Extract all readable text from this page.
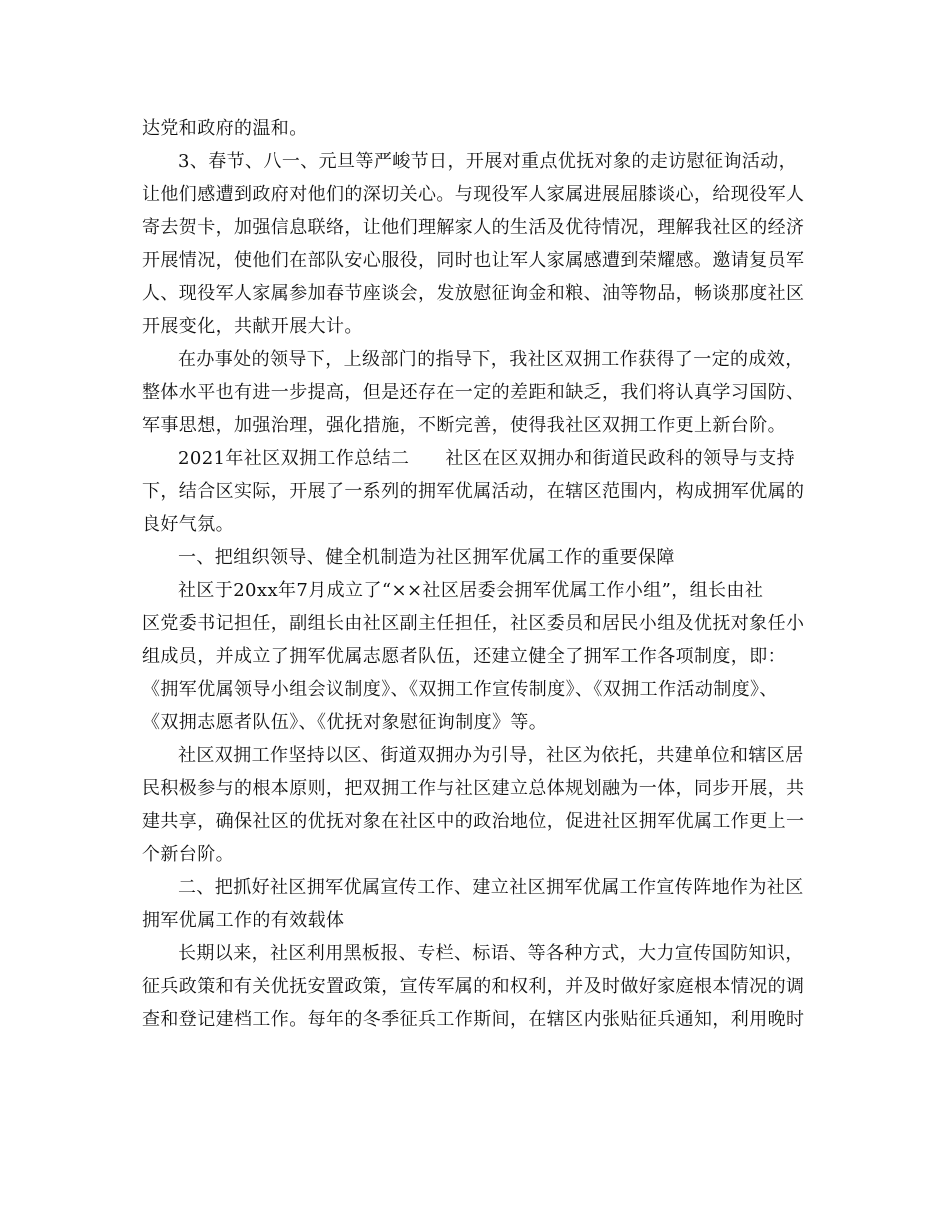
达党和政府的温和。
3、春节、八一、元旦等严峻节日，开展对重点优抚对象的走访慰征询活动，
让他们感遭到政府对他们的深切关心。与现役军人家属进展屈膝谈心，给现役军人
寄去贺卡，加强信息联络，让他们理解家人的生活及优待情况，理解我社区的经济
开展情况，使他们在部队安心服役，同时也让军人家属感遭到荣耀感。邀请复员军
人、现役军人家属参加春节座谈会，发放慰征询金和粮、油等物品，畅谈那度社区
开展变化，共献开展大计。
在办事处的领导下，上级部门的指导下，我社区双拥工作获得了一定的成效，
整体水平也有进一步提高，但是还存在一定的差距和缺乏，我们将认真学习国防、
军事思想，加强治理，强化措施，不断完善，使得我社区双拥工作更上新台阶。
2021年社区双拥工作总结二 社区在区双拥办和街道民政科的领导与支持
下，结合区实际，开展了一系列的拥军优属活动，在辖区范围内，构成拥军优属的
良好气氛。
一、把组织领导、健全机制造为社区拥军优属工作的重要保障
社区于20xx年7月成立了“××社区居委会拥军优属工作小组”，组长由社
区党委书记担任，副组长由社区副主任担任，社区委员和居民小组及优抚对象任小
组成员，并成立了拥军优属志愿者队伍，还建立健全了拥军工作各项制度，即：
《拥军优属领导小组会议制度》、《双拥工作宣传制度》、《双拥工作活动制度》、
《双拥志愿者队伍》、《优抚对象慰征询制度》等。
社区双拥工作坚持以区、街道双拥办为引导，社区为依托，共建单位和辖区居
民积极参与的根本原则，把双拥工作与社区建立总体规划融为一体，同步开展，共
建共享，确保社区的优抚对象在社区中的政治地位，促进社区拥军优属工作更上一
个新台阶。
二、把抓好社区拥军优属宣传工作、建立社区拥军优属工作宣传阵地作为社区
拥军优属工作的有效载体
长期以来，社区利用黑板报、专栏、标语、等各种方式，大力宣传国防知识，
征兵政策和有关优抚安置政策，宣传军属的和权利，并及时做好家庭根本情况的调
查和登记建档工作。每年的冬季征兵工作斯间，在辖区内张贴征兵通知，利用晚时
